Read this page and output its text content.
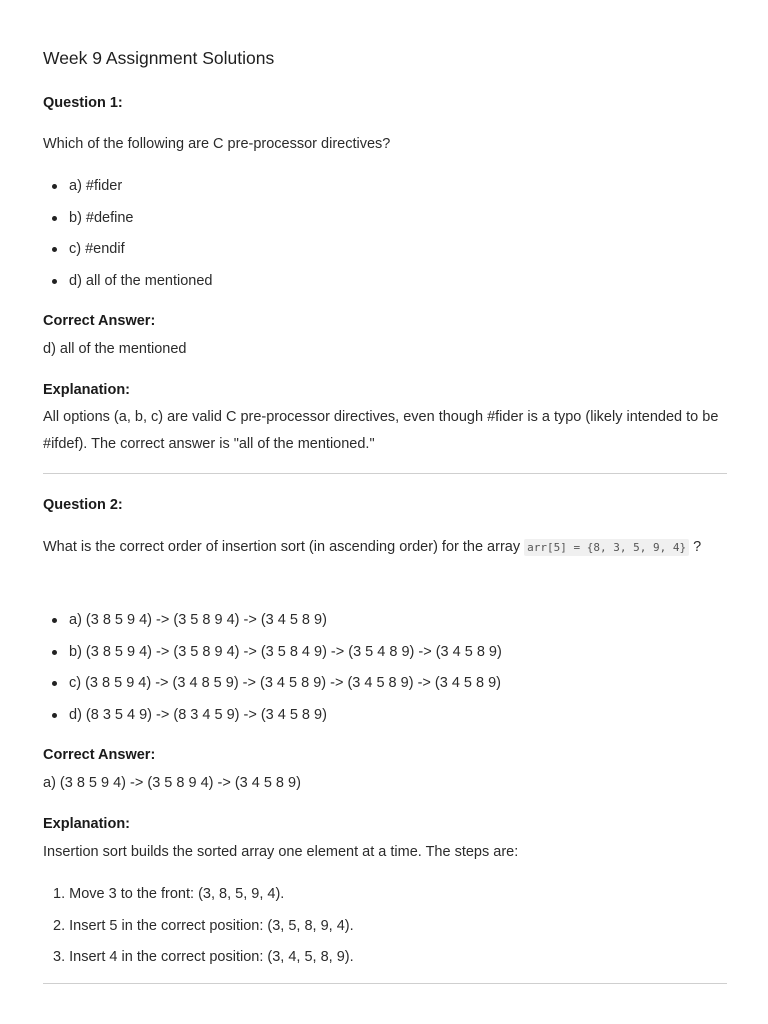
Week 9 Assignment Solutions
Question 1:
Which of the following are C pre-processor directives?
a) #fider
b) #define
c) #endif
d) all of the mentioned
Correct Answer:
d) all of the mentioned
Explanation:
All options (a, b, c) are valid C pre-processor directives, even though #fider is a typo (likely intended to be #ifdef). The correct answer is "all of the mentioned."
Question 2:
What is the correct order of insertion sort (in ascending order) for the array arr[5] = {8, 3, 5, 9, 4} ?
a) (3 8 5 9 4) -> (3 5 8 9 4) -> (3 4 5 8 9)
b) (3 8 5 9 4) -> (3 5 8 9 4) -> (3 5 8 4 9) -> (3 5 4 8 9) -> (3 4 5 8 9)
c) (3 8 5 9 4) -> (3 4 8 5 9) -> (3 4 5 8 9) -> (3 4 5 8 9) -> (3 4 5 8 9)
d) (8 3 5 4 9) -> (8 3 4 5 9) -> (3 4 5 8 9)
Correct Answer:
a) (3 8 5 9 4) -> (3 5 8 9 4) -> (3 4 5 8 9)
Explanation:
Insertion sort builds the sorted array one element at a time. The steps are:
1. Move 3 to the front: (3, 8, 5, 9, 4).
2. Insert 5 in the correct position: (3, 5, 8, 9, 4).
3. Insert 4 in the correct position: (3, 4, 5, 8, 9).
